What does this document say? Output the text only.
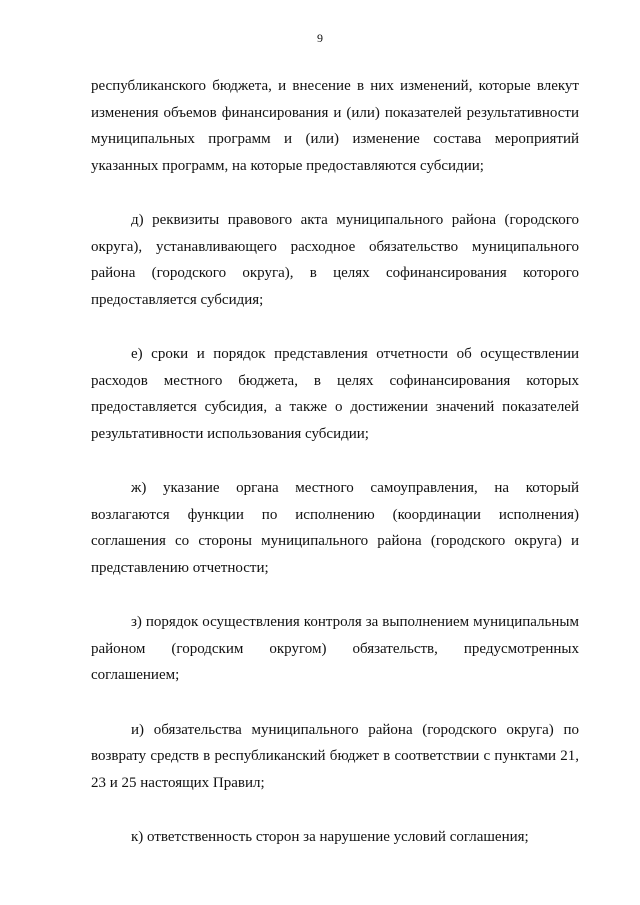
9

республиканского бюджета, и внесение в них изменений, которые влекут изменения объемов финансирования и (или) показателей результативности муниципальных программ и (или) изменение состава мероприятий указанных программ, на которые предоставляются субсидии;

д) реквизиты правового акта муниципального района (городского округа), устанавливающего расходное обязательство муниципального района (городского округа), в целях софинансирования которого предоставляется субсидия;

е) сроки и порядок представления отчетности об осуществлении расходов местного бюджета, в целях софинансирования которых предоставляется субсидия, а также о достижении значений показателей результативности использования субсидии;

ж) указание органа местного самоуправления, на который возлагаются функции по исполнению (координации исполнения) соглашения со стороны муниципального района (городского округа) и представлению отчетности;

з) порядок осуществления контроля за выполнением муниципальным районом (городским округом) обязательств, предусмотренных соглашением;

и) обязательства муниципального района (городского округа) по возврату средств в республиканский бюджет в соответствии с пунктами 21, 23 и 25 настоящих Правил;

к) ответственность сторон за нарушение условий соглашения;
